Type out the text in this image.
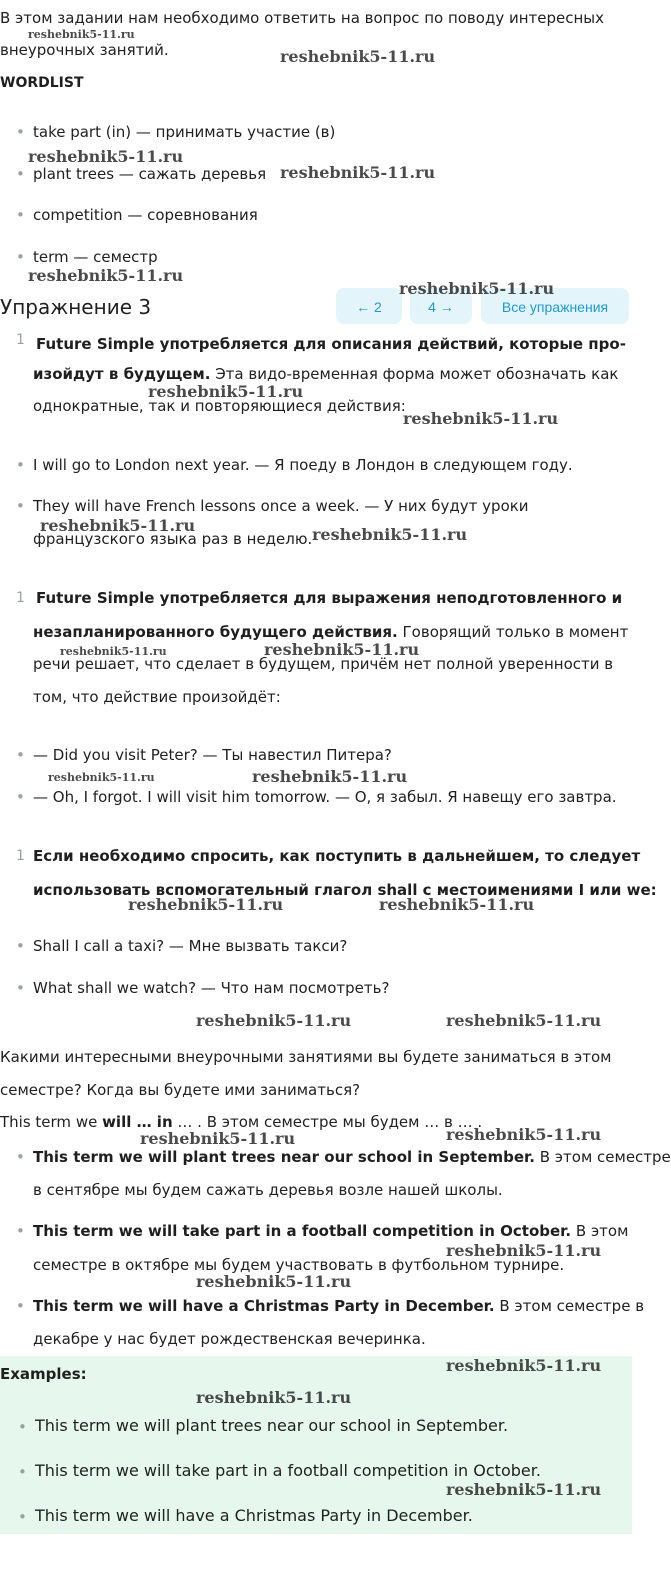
В этом задании нам необходимо ответить на вопрос по поводу интересных
внеурочных занятий.
WORDLIST
• take part (in) — принимать участие (в)
• plant trees — сажать деревья
• competition — соревнования
• term — семестр
Упражнение 3	← 2	4 →	Все упражнения
1 Future Simple употребляется для описания действий, которые про-
изойдут в будущем. Эта видо-временная форма может обозначать как
однократные, так и повторяющиеся действия:
• I will go to London next year. — Я поеду в Лондон в следующем году.
• They will have French lessons once a week. — У них будут уроки
французского языка раз в неделю.
1 Future Simple употребляется для выражения неподготовленного и
незапланированного будущего действия. Говорящий только в момент
речи решает, что сделает в будущем, причём нет полной уверенности в
том, что действие произойдёт:
• — Did you visit Peter? — Ты навестил Питера?
• — Oh, I forgot. I will visit him tomorrow. — О, я забыл. Я навещу его завтра.
1 Если необходимо спросить, как поступить в дальнейшем, то следует
использовать вспомогательный глагол shall с местоимениями I или we:
• Shall I call a taxi? — Мне вызвать такси?
• What shall we watch? — Что нам посмотреть?
Какими интересными внеурочными занятиями вы будете заниматься в этом
семестре? Когда вы будете ими заниматься?
This term we will … in … . В этом семестре мы будем … в … .
• This term we will plant trees near our school in September. В этом семестре
в сентябре мы будем сажать деревья возле нашей школы.
• This term we will take part in a football competition in October. В этом
семестре в октябре мы будем участвовать в футбольном турнире.
• This term we will have a Christmas Party in December. В этом семестре в
декабре у нас будет рождественская вечеринка.
Examples:
• This term we will plant trees near our school in September.
• This term we will take part in a football competition in October.
• This term we will have a Christmas Party in December.
reshebnik5-11.ru
reshebnik5-11.ru
reshebnik5-11.ru
reshebnik5-11.ru
reshebnik5-11.ru
reshebnik5-11.ru
reshebnik5-11.ru
reshebnik5-11.ru
reshebnik5-11.ru	reshebnik5-11.ru
reshebnik5-11.ru	reshebnik5-11.ru
reshebnik5-11.ru	reshebnik5-11.ru
reshebnik5-11.ru	reshebnik5-11.ru
reshebnik5-11.ru	reshebnik5-11.ru
reshebnik5-11.ru	reshebnik5-11.ru
reshebnik5-11.ru
reshebnik5-11.ru
reshebnik5-11.ru
reshebnik5-11.ru
reshebnik5-11.ru
